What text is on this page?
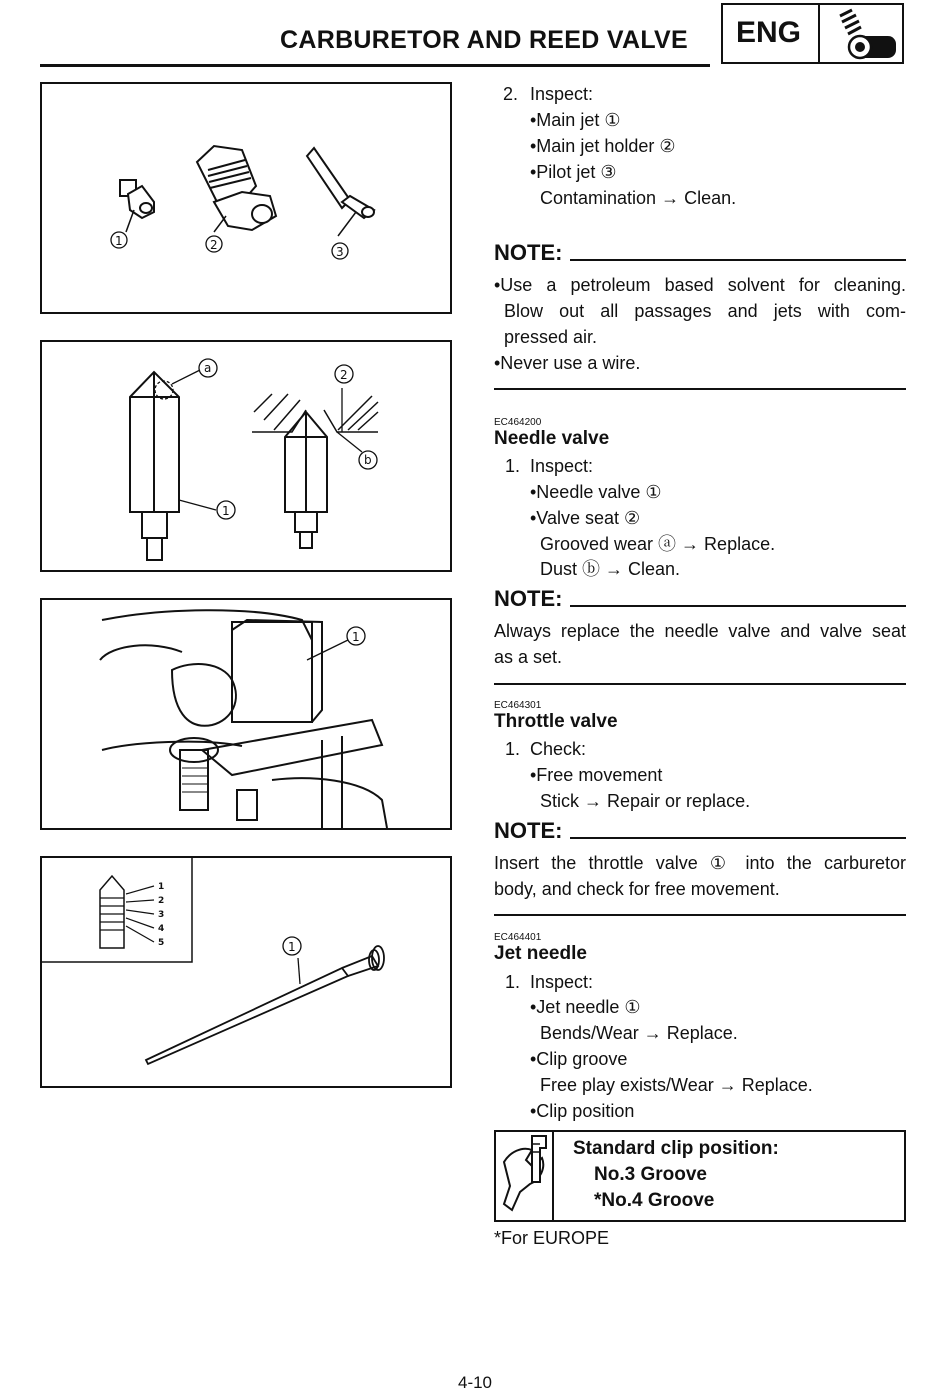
CARBURETOR AND REED VALVE ENG
1	2	3
a	2
b
1
1
1
2
3
4
5	1
2. Inspect:
•Main jet ①
•Main jet holder ②
•Pilot jet ③
Contamination → Clean.
NOTE:
•Use a petroleum based solvent for cleaning.
Blow out all passages and jets with com-
pressed air.
•Never use a wire.
EC464200
Needle valve
1. Inspect:
•Needle valve ①
•Valve seat ②
Grooved wear ⓐ → Replace.
Dust ⓑ → Clean.
NOTE:
Always replace the needle valve and valve seat
as a set.
EC464301
Throttle valve
1. Check:
•Free movement
Stick → Repair or replace.
NOTE:
Insert the throttle valve ① into the carburetor
body, and check for free movement.
EC464401
Jet needle
1. Inspect:
•Jet needle ①
Bends/Wear → Replace.
•Clip groove
Free play exists/Wear → Replace.
•Clip position
Standard clip position:
No.3 Groove
*No.4 Groove
*For EUROPE
4-10
